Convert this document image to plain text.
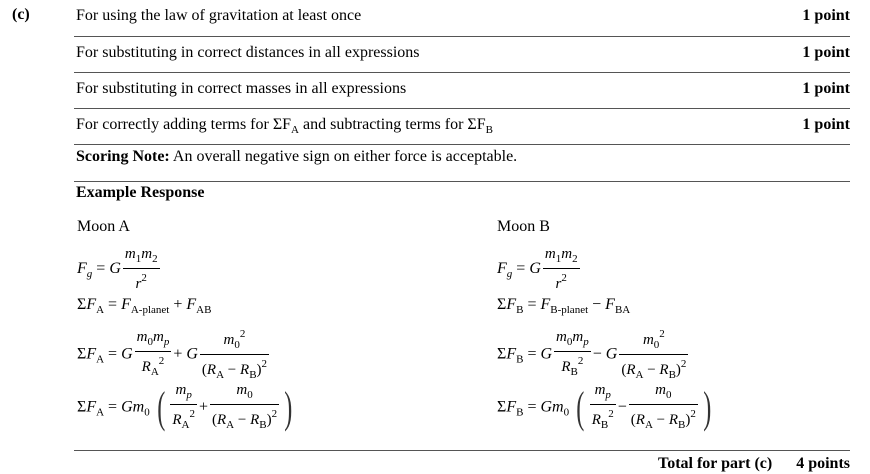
(c)	For using the law of gravitation at least once	1 point
For substituting in correct distances in all expressions	1 point
For substituting in correct masses in all expressions	1 point
For correctly adding terms for $\Sigma F_A$ and subtracting terms for $\Sigma F_B$	1 point
Scoring Note: An overall negative sign on either force is acceptable.
Example Response
Moon A
$F_g = G \frac{m_1m_2}{r^2}$
$\Sigma F_A = F_{A-planet} + F_{AB}$
$\Sigma F_A = G \frac{m_0m_p}{R_A^2} + G \frac{m_0^2}{(R_A - R_B)^2}$
$\Sigma F_A = Gm_0$ ( $\frac{m_p}{R_A^2} + \frac{m_0}{(R_A - R_B)^2}$ )
Moon B
$F_g = G \frac{m_1m_2}{r^2}$
$\Sigma F_B = F_{B-planet} - F_{BA}$
$\Sigma F_B = G \frac{m_0m_p}{R_B^2} - G \frac{m_0^2}{(R_A - R_B)^2}$
$\Sigma F_B = Gm_0$ ( $\frac{m_p}{R_B^2} - \frac{m_0}{(R_A - R_B)^2}$ )
Total for part (c) 4 points
